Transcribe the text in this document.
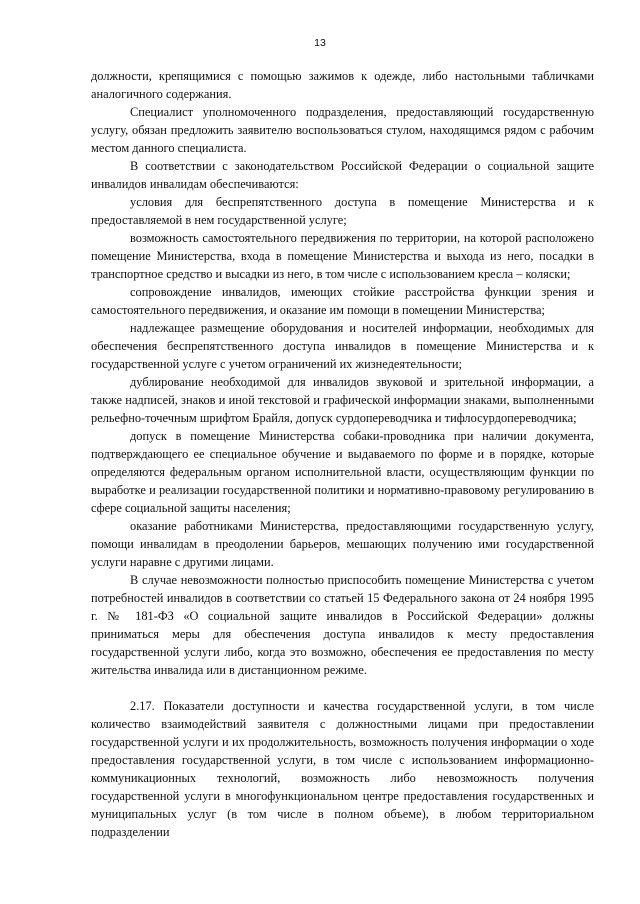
13

должности, крепящимися с помощью зажимов к одежде, либо настольными табличками аналогичного содержания.

Специалист уполномоченного подразделения, предоставляющий государственную услугу, обязан предложить заявителю воспользоваться стулом, находящимся рядом с рабочим местом данного специалиста.

В соответствии с законодательством Российской Федерации о социальной защите инвалидов инвалидам обеспечиваются:

условия для беспрепятственного доступа в помещение Министерства и к предоставляемой в нем государственной услуге;

возможность самостоятельного передвижения по территории, на которой расположено помещение Министерства, входа в помещение Министерства и выхода из него, посадки в транспортное средство и высадки из него, в том числе с использованием кресла – коляски;

сопровождение инвалидов, имеющих стойкие расстройства функции зрения и самостоятельного передвижения, и оказание им помощи в помещении Министерства;

надлежащее размещение оборудования и носителей информации, необходимых для обеспечения беспрепятственного доступа инвалидов в помещение Министерства и к государственной услуге с учетом ограничений их жизнедеятельности;

дублирование необходимой для инвалидов звуковой и зрительной информации, а также надписей, знаков и иной текстовой и графической информации знаками, выполненными рельефно-точечным шрифтом Брайля, допуск сурдопереводчика и тифлосурдопереводчика;

допуск в помещение Министерства собаки-проводника при наличии документа, подтверждающего ее специальное обучение и выдаваемого по форме и в порядке, которые определяются федеральным органом исполнительной власти, осуществляющим функции по выработке и реализации государственной политики и нормативно-правовому регулированию в сфере социальной защиты населения;

оказание работниками Министерства, предоставляющими государственную услугу, помощи инвалидам в преодолении барьеров, мешающих получению ими государственной услуги наравне с другими лицами.

В случае невозможности полностью приспособить помещение Министерства с учетом потребностей инвалидов в соответствии со статьей 15 Федерального закона от 24 ноября 1995 г. № 181-ФЗ «О социальной защите инвалидов в Российской Федерации» должны приниматься меры для обеспечения доступа инвалидов к месту предоставления государственной услуги либо, когда это возможно, обеспечения ее предоставления по месту жительства инвалида или в дистанционном режиме.

2.17. Показатели доступности и качества государственной услуги, в том числе количество взаимодействий заявителя с должностными лицами при предоставлении государственной услуги и их продолжительность, возможность получения информации о ходе предоставления государственной услуги, в том числе с использованием информационно-коммуникационных технологий, возможность либо невозможность получения государственной услуги в многофункциональном центре предоставления государственных и муниципальных услуг (в том числе в полном объеме), в любом территориальном подразделении
